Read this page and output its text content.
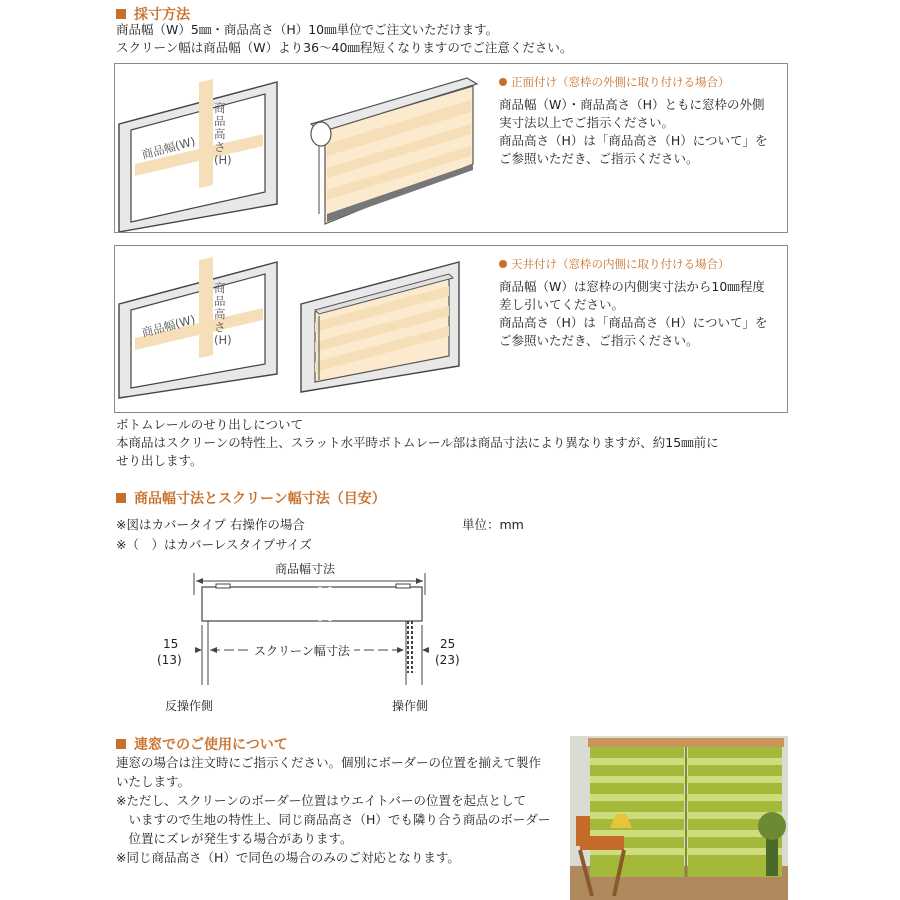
採寸方法
商品幅（W）5㎜・商品高さ（H）10㎜単位でご注文いただけます。
スクリーン幅は商品幅（W）より36〜40㎜程短くなりますのでご注意ください。
商品幅(W)
商品高さ(H)
正面付け（窓枠の外側に取り付ける場合）
商品幅（W）・商品高さ（H）ともに窓枠の外側
実寸法以上でご指示ください。
商品高さ（H）は「商品高さ（H）について」を
ご参照いただき、ご指示ください。
商品幅(W)
商品高さ(H)
天井付け（窓枠の内側に取り付ける場合）
商品幅（W）は窓枠の内側実寸法から10㎜程度
差し引いてください。
商品高さ（H）は「商品高さ（H）について」を
ご参照いただき、ご指示ください。
ボトムレールのせり出しについて
本商品はスクリーンの特性上、スラット水平時ボトムレール部は商品寸法により異なりますが、約15㎜前に
せり出します。
商品幅寸法とスクリーン幅寸法（目安）
※図はカバータイプ 右操作の場合	単位：mm
※（　）はカバーレスタイプサイズ
商品幅寸法
スクリーン幅寸法
15
(13)
25
(23)
反操作側	操作側
連窓でのご使用について
連窓の場合は注文時にご指示ください。個別にボーダーの位置を揃えて製作
いたします。
※ただし、スクリーンのボーダー位置はウエイトバーの位置を起点として
　いますので生地の特性上、同じ商品高さ（H）でも隣り合う商品のボーダー
　位置にズレが発生する場合があります。
※同じ商品高さ（H）で同色の場合のみのご対応となります。
